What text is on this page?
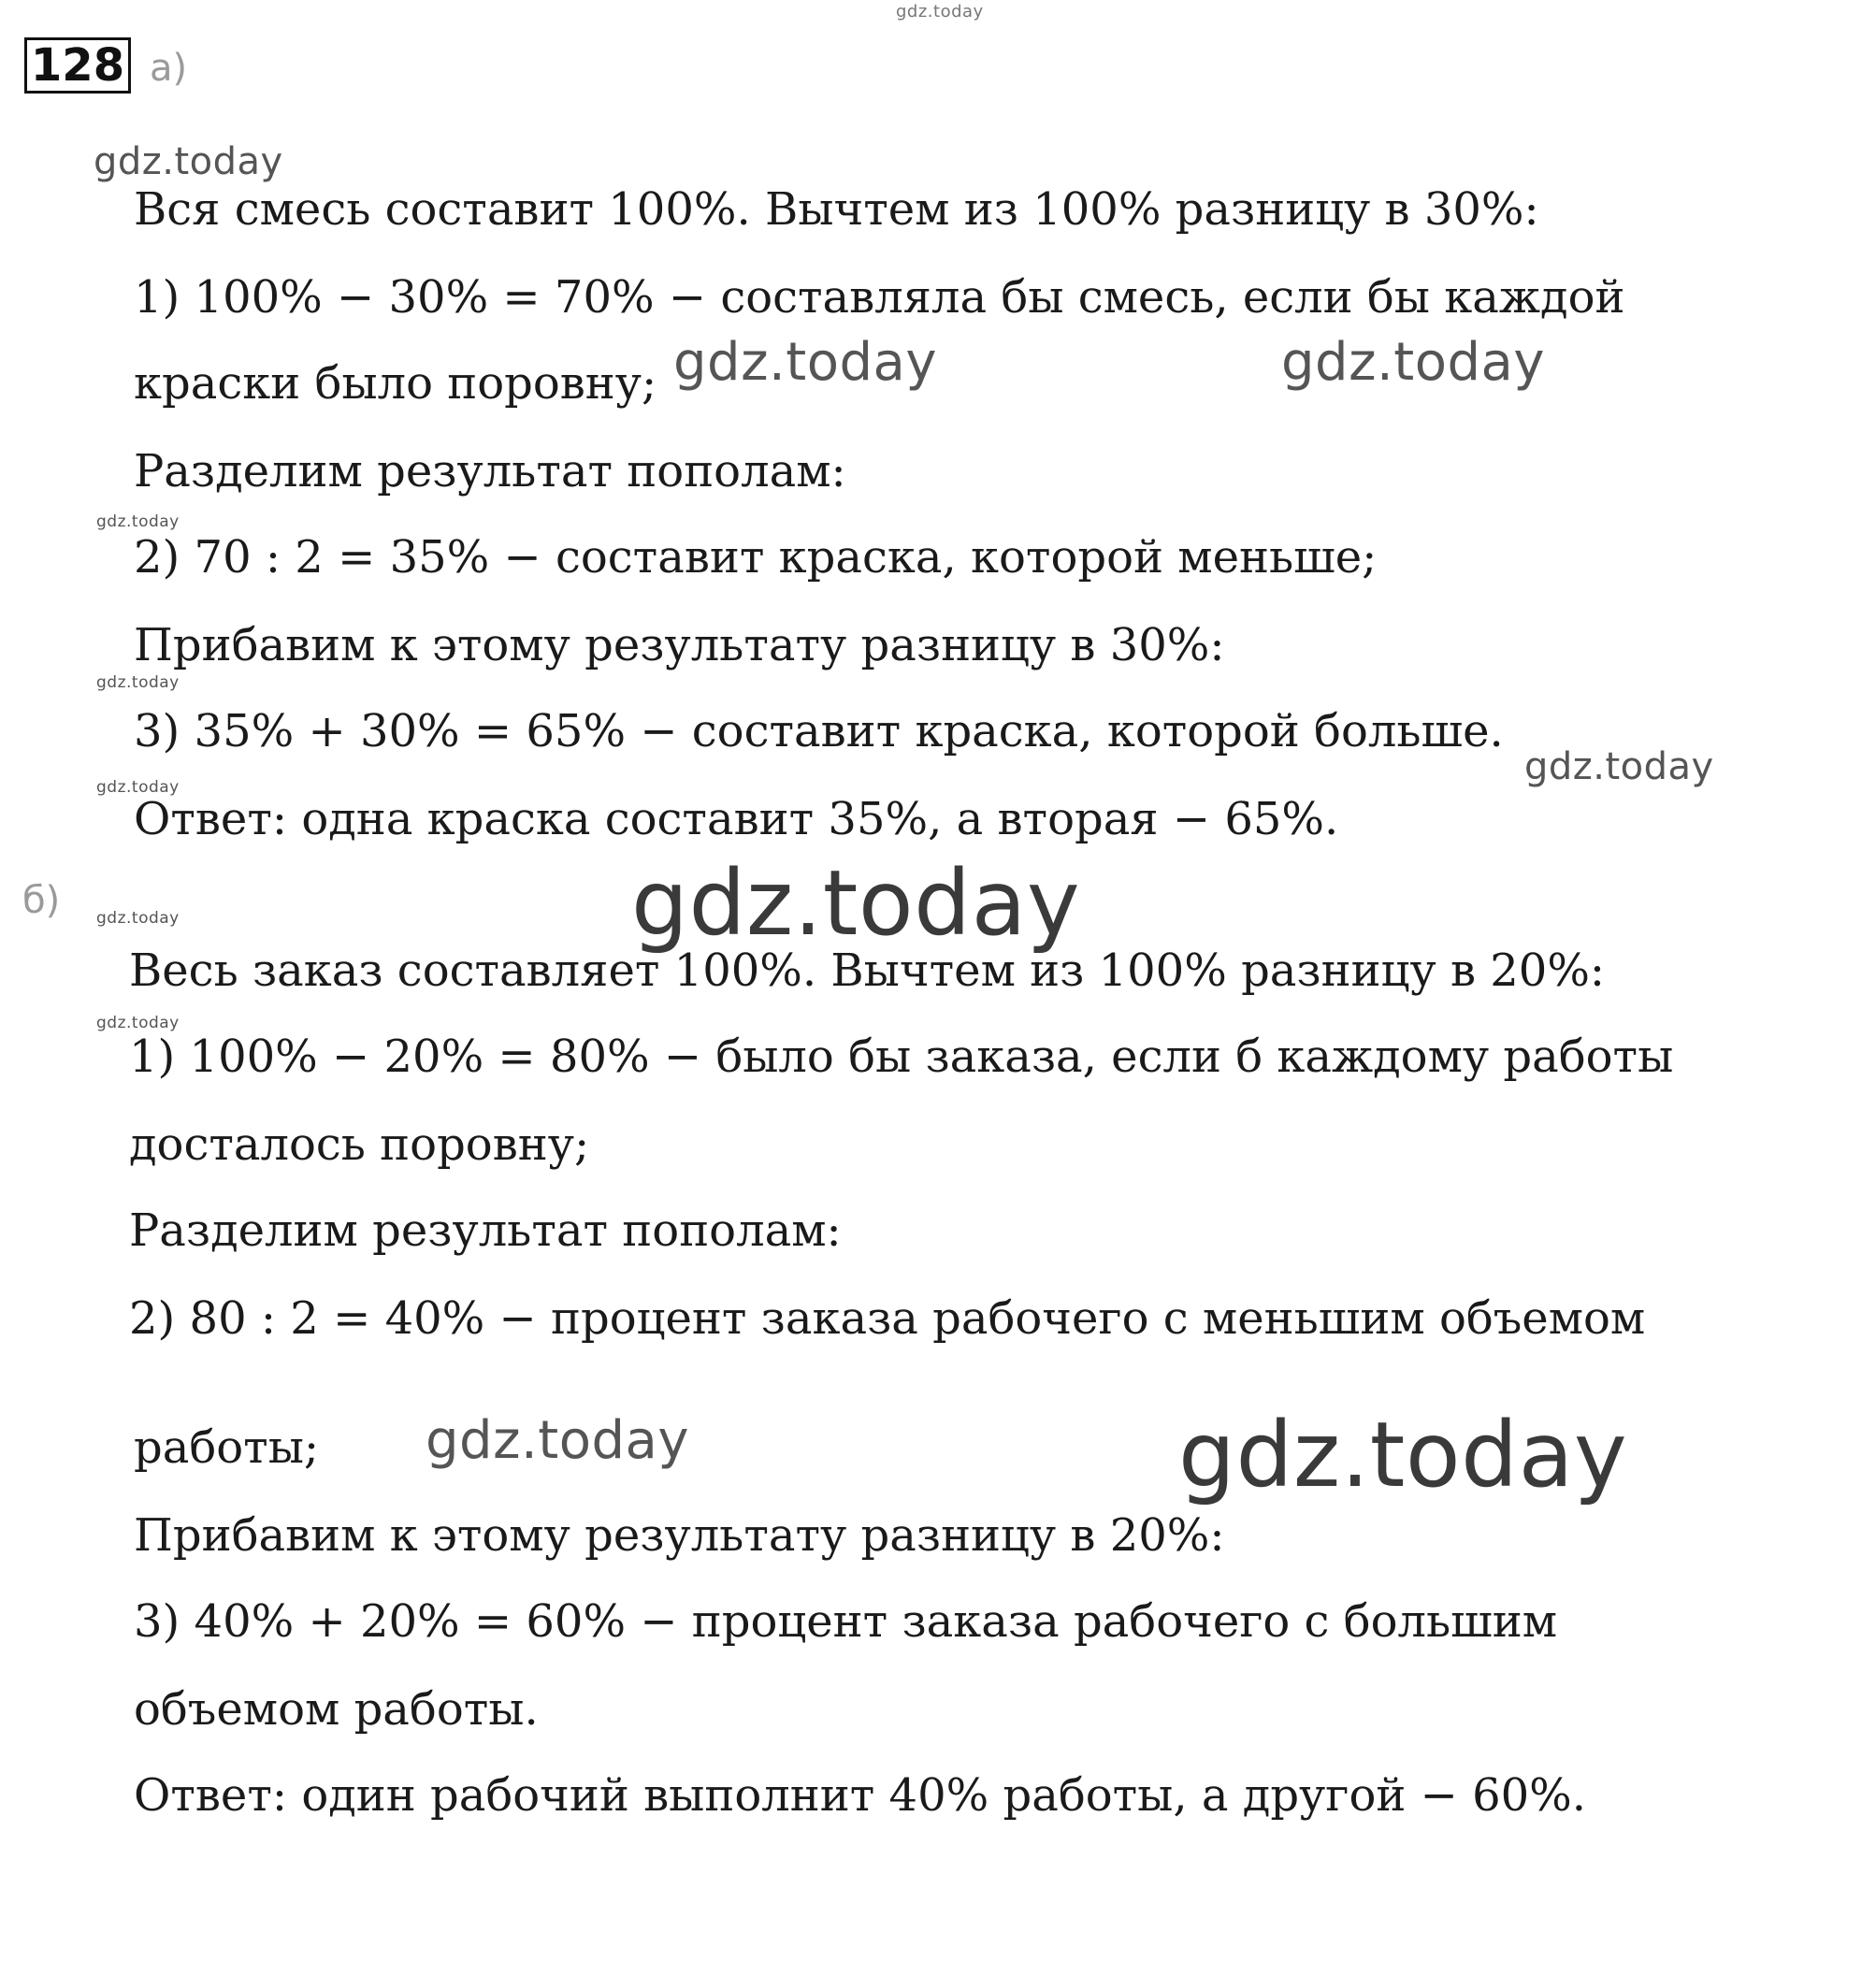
128 а)
Вся смесь составит 100%. Вычтем из 100% разницу в 30%:
1) 100% − 30% = 70% − составляла бы смесь, если бы каждой
краски было поровну;
Разделим результат пополам:
2) 70 : 2 = 35% − составит краска, которой меньше;
Прибавим к этому результату разницу в 30%:
3) 35% + 30% = 65% − составит краска, которой больше.
Ответ: одна краска составит 35%, а вторая − 65%.
б)
Весь заказ составляет 100%. Вычтем из 100% разницу в 20%:
1) 100% − 20% = 80% − было бы заказа, если б каждому работы
досталось поровну;
Разделим результат пополам:
2) 80 : 2 = 40% − процент заказа рабочего с меньшим объемом
работы;
Прибавим к этому результату разницу в 20%:
3) 40% + 20% = 60% − процент заказа рабочего с большим
объемом работы.
Ответ: один рабочий выполнит 40% работы, а другой − 60%.
gdz.today
gdz.today
gdz.today	gdz.today
gdz.today
gdz.today
gdz.today
gdz.today
gdz.today
gdz.today
gdz.today
gdz.today	gdz.today
